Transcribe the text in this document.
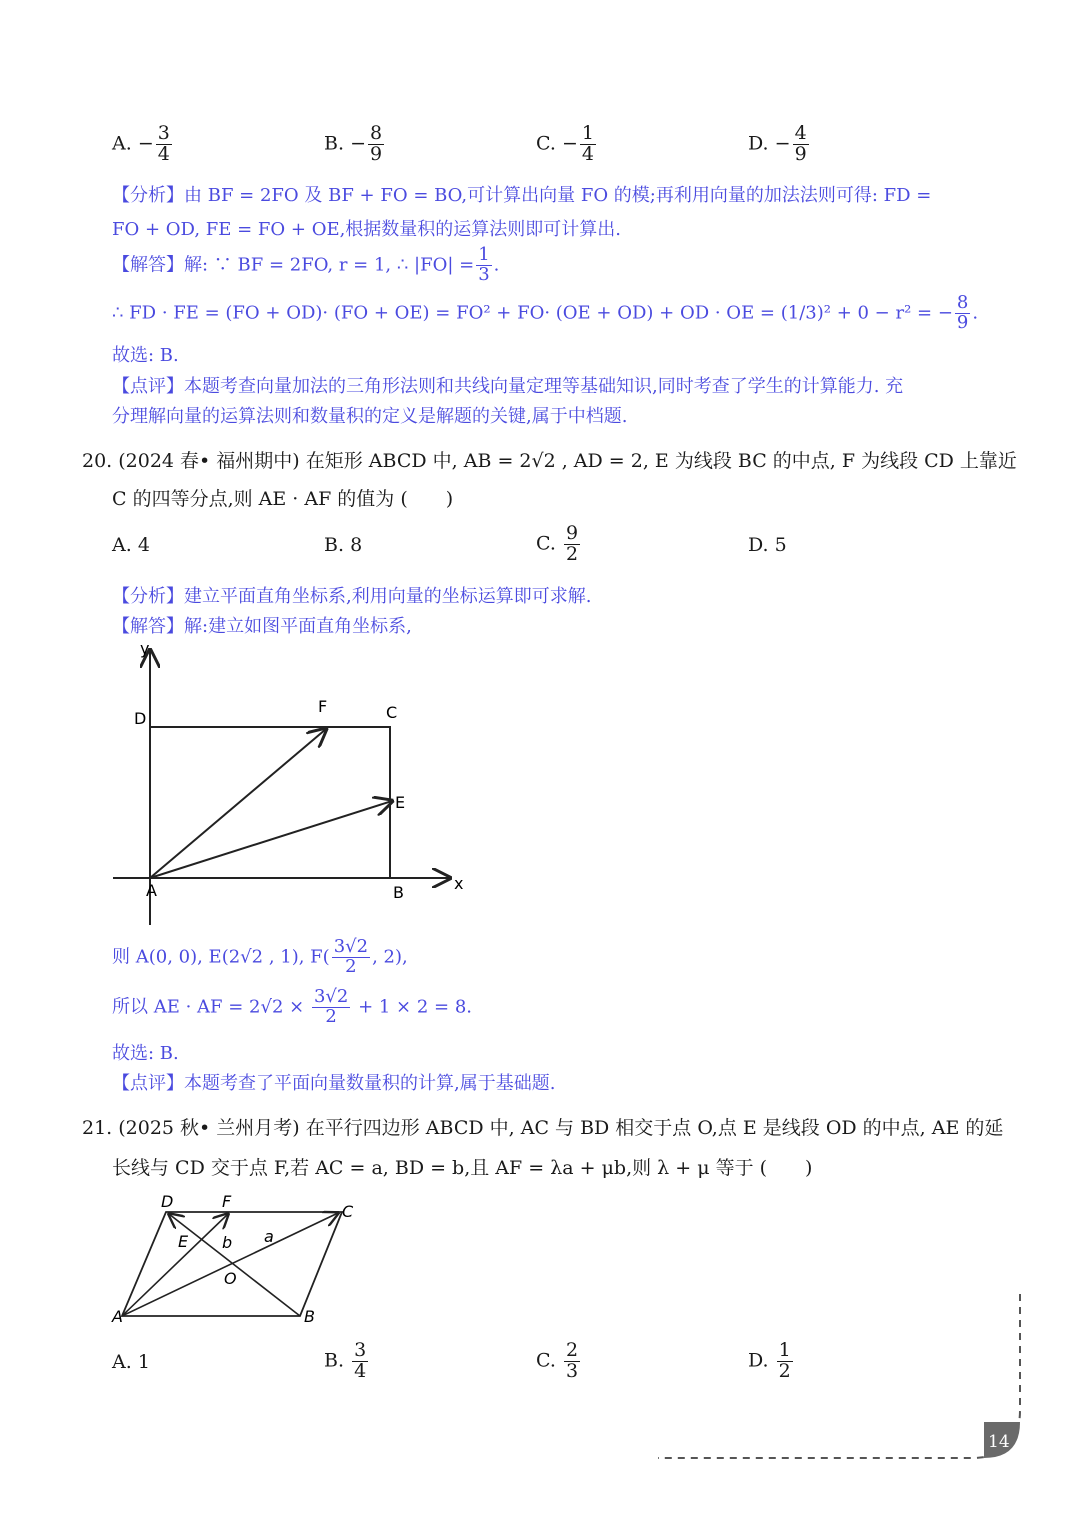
A. − $\frac{3}{4}$	B. − $\frac{8}{9}$	C. − $\frac{1}{4}$	D. − $\frac{4}{9}$
【分析】由 BF = 2FO 及 BF + FO = BO,可计算出向量 FO 的模;再利用向量的加法法则可得: FD =
FO + OD, FE = FO + OE,根据数量积的运算法则即可计算出.
【解答】解: ∵ BF = 2FO, r = 1, ∴ $|FO| = \frac{1}{3}$ .
∴ FD · FE = (FO + OD)· (FO + OE) = FO² + FO· (OE + OD) + OD · OE = (1/3)² + 0 − r² = − $\frac{8}{9}$ .
故选: B.
【点评】本题考查向量加法的三角形法则和共线向量定理等基础知识,同时考查了学生的计算能力. 充
分理解向量的运算法则和数量积的定义是解题的关键,属于中档题.
20. (2024 春• 福州期中) 在矩形 ABCD 中, AB = 2√2 , AD = 2, E 为线段 BC 的中点, F 为线段 CD 上靠近
C 的四等分点,则 AE · AF 的值为 (　　)
A. 4	B. 8	C. $\frac{9}{2}$	D. 5
【分析】建立平面直角坐标系,利用向量的坐标运算即可求解.
【解答】解:建立如图平面直角坐标系,
y
D
F	C
E
A	B	x
则 A(0, 0), E(2√2 , 1), $F( \frac{3√2}{2}$ , 2),
所以 AE · AF = $2√2 \times \frac{3√2}{2} + 1 \times 2 = 8$.
故选: B.
【点评】本题考查了平面向量数量积的计算,属于基础题.
21. (2025 秋• 兰州月考) 在平行四边形 ABCD 中, AC 与 BD 相交于点 O,点 E 是线段 OD 的中点, AE 的延
长线与 CD 交于点 F,若 AC = a, BD = b,且 AF = λa + μb,则 λ + μ 等于 (　　)
D	F
C
E b a
O
A	B
A. 1	B. $\frac{3}{4}$	C. $\frac{2}{3}$	D. $\frac{1}{2}$
14
